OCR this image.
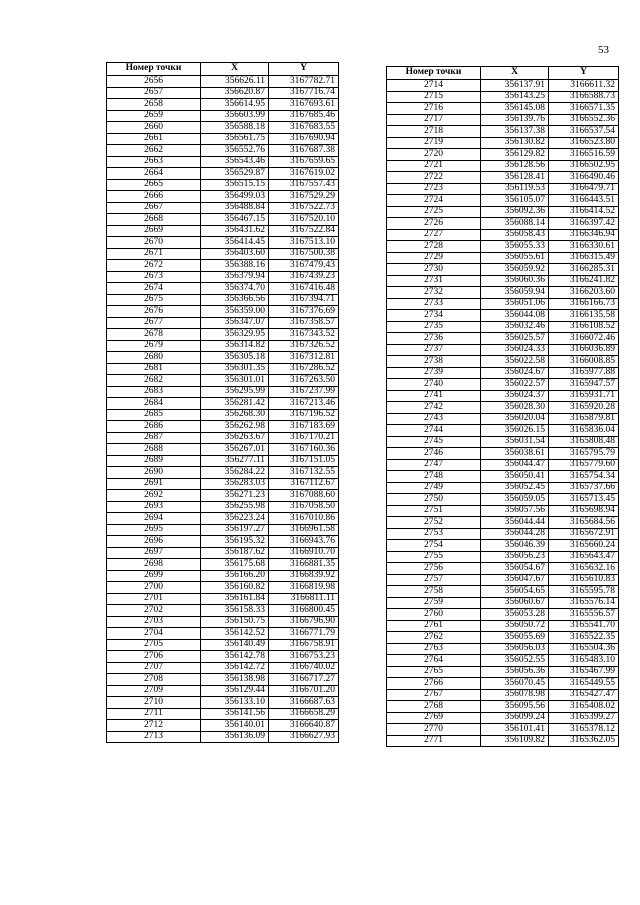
53
Номер точки	X	Y
2656	356626.11	3167782.71
2657	356620.87	3167716.74
2658	356614.95	3167693.61
2659	356603.99	3167685.46
2660	356588.18	3167683.55
2661	356561.75	3167690.94
2662	356552.76	3167687.38
2663	356543.46	3167659.65
2664	356529.87	3167619.02
2665	356515.15	3167557.43
2666	356499.03	3167529.29
2667	356488.84	3167522.73
2668	356467.15	3167520.10
2669	356431.62	3167522.84
2670	356414.45	3167513.10
2671	356403.60	3167500.38
2672	356388.16	3167479.43
2673	356379.94	3167439.23
2674	356374.70	3167416.48
2675	356366.56	3167394.71
2676	356359.00	3167376.69
2677	356347.07	3167358.57
2678	356329.95	3167343.52
2679	356314.82	3167326.52
2680	356305.18	3167312.81
2681	356301.35	3167286.52
2682	356301.01	3167263.50
2683	356295.99	3167237.99
2684	356281.42	3167213.46
2685	356268.30	3167196.52
2686	356262.98	3167183.69
2687	356263.67	3167170.21
2688	356267.01	3167160.36
2689	356277.11	3167151.05
2690	356284.22	3167132.55
2691	356283.03	3167112.67
2692	356271.23	3167088.60
2693	356255.98	3167058.50
2694	356223.24	3167010.86
2695	356197.27	3166961.58
2696	356195.32	3166943.76
2697	356187.62	3166910.70
2698	356175.68	3166881.35
2699	356166.20	3166839.92
2700	356160.82	3166819.98
2701	356161.84	3166811.11
2702	356158.33	3166800.45
2703	356150.75	3166796.90
2704	356142.52	3166771.79
2705	356140.49	3166758.91
2706	356142.78	3166753.23
2707	356142.72	3166740.02
2708	356138.98	3166717.27
2709	356129.44	3166701.20
2710	356133.10	3166687.63
2711	356141.56	3166658.29
2712	356140.01	3166640.87
2713	356136.09	3166627.93
Номер точки	X	Y
2714	356137.91	3166611.32
2715	356143.25	3166588.73
2716	356145.08	3166571.35
2717	356139.76	3166552.36
2718	356137.38	3166537.54
2719	356130.82	3166523.80
2720	356129.82	3166516.59
2721	356128.56	3166502.95
2722	356128.41	3166490.46
2723	356119.53	3166479.71
2724	356105.07	3166443.51
2725	356092.36	3166414.52
2726	356088.14	3166397.42
2727	356058.43	3166346.94
2728	356055.33	3166330.61
2729	356055.61	3166315.49
2730	356059.92	3166285.31
2731	356060.36	3166241.82
2732	356059.94	3166203.60
2733	356051.06	3166166.73
2734	356044.08	3166135.58
2735	356032.46	3166108.52
2736	356025.57	3166072.46
2737	356024.33	3166036.89
2738	356022.58	3166008.85
2739	356024.67	3165977.88
2740	356022.57	3165947.57
2741	356024.37	3165931.71
2742	356028.30	3165920.28
2743	356020.04	3165879.81
2744	356026.15	3165836.04
2745	356031.54	3165808.48
2746	356038.61	3165795.79
2747	356044.47	3165779.60
2748	356050.41	3165754.34
2749	356052.45	3165737.66
2750	356059.05	3165713.45
2751	356057.56	3165698.94
2752	356044.44	3165684.56
2753	356044.28	3165672.91
2754	356046.39	3165660.24
2755	356056.23	3165643.47
2756	356054.67	3165632.16
2757	356047.67	3165610.83
2758	356054.65	3165595.78
2759	356060.67	3165576.14
2760	356053.28	3165556.57
2761	356050.72	3165541.70
2762	356055.69	3165522.35
2763	356056.03	3165504.36
2764	356052.55	3165483.10
2765	356056.36	3165467.99
2766	356070.45	3165449.55
2767	356078.98	3165427.47
2768	356095.56	3165408.02
2769	356099.24	3165399.27
2770	356101.41	3165378.12
2771	356109.82	3165362.05
